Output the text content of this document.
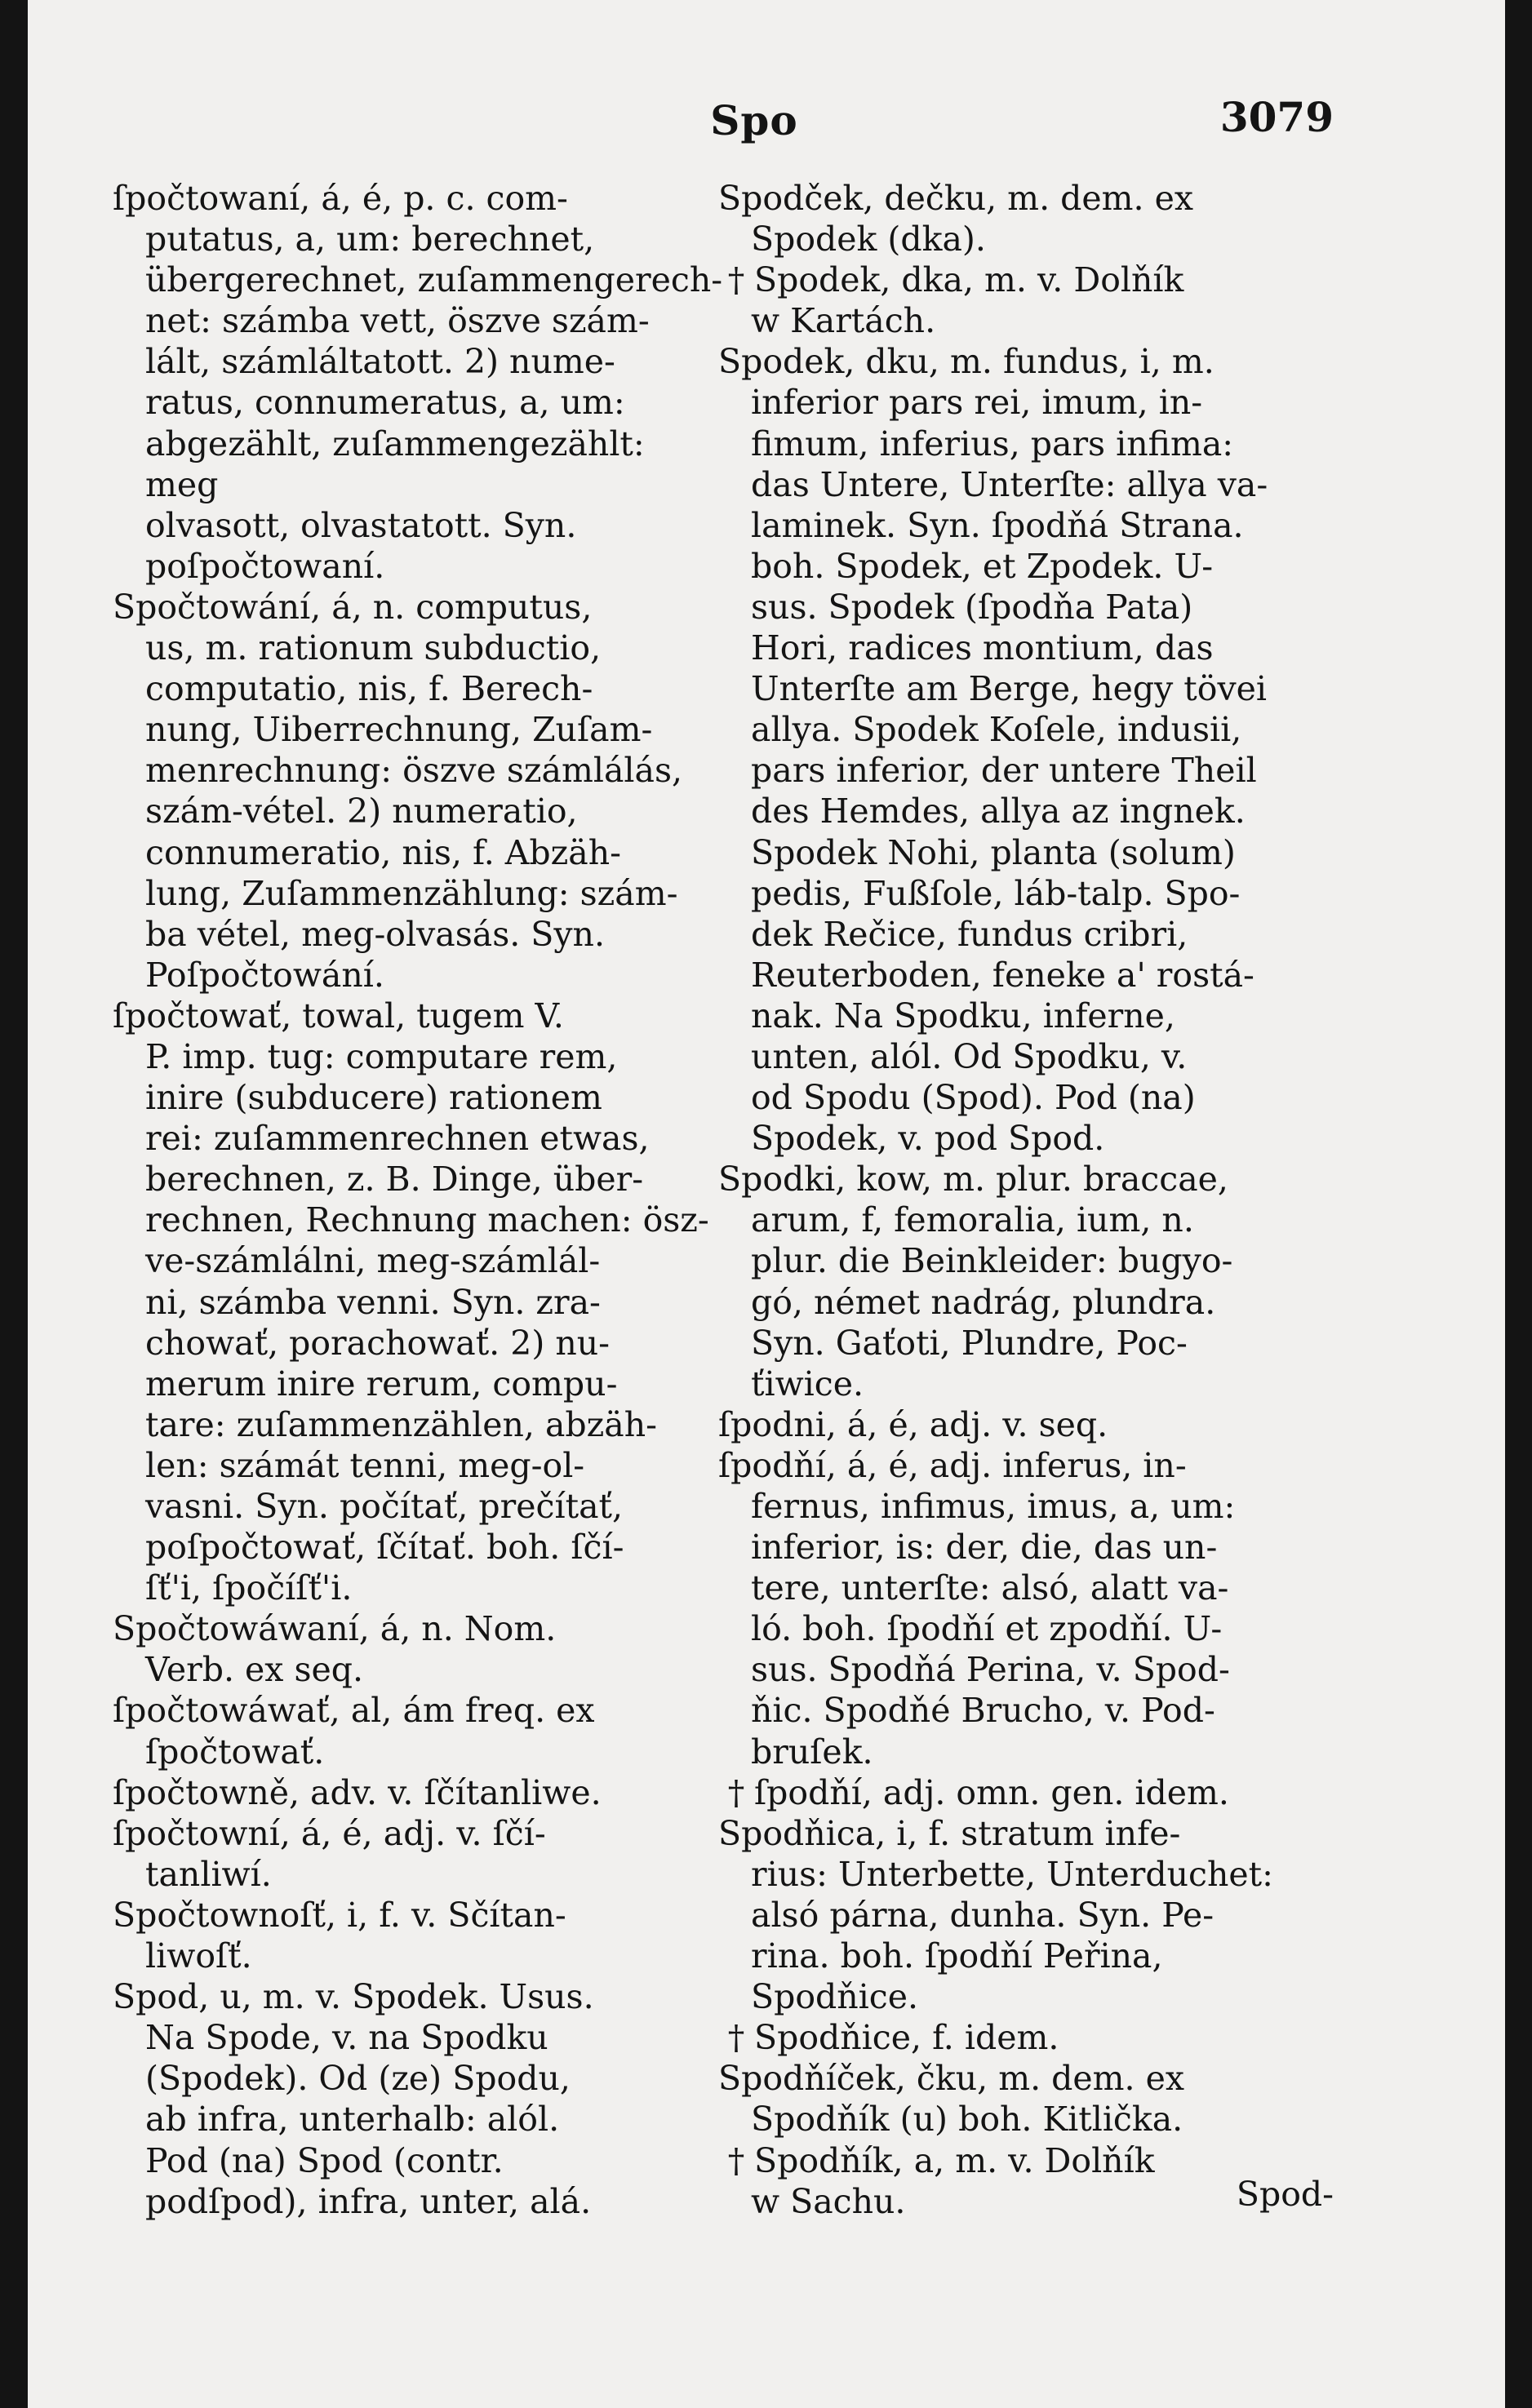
Spo	3079
ſpočtowaní, á, é, p. c. com-
putatus, a, um: berechnet,
übergerechnet, zuſammengerech-
net: számba vett, öszve szám-
lált, számláltatott. 2) nume-
ratus, connumeratus, a, um:
abgezählt, zuſammengezählt: meg
olvasott, olvastatott. Syn.
poſpočtowaní.
Spočtowání, á, n. computus,
us, m. rationum subductio,
computatio, nis, f. Berech-
nung, Uiberrechnung, Zuſam-
menrechnung: öszve számlálás,
szám-vétel. 2) numeratio,
connumeratio, nis, f. Abzäh-
lung, Zuſammenzählung: szám-
ba vétel, meg-olvasás. Syn.
Poſpočtowání.
ſpočtowať, towal, tugem V.
P. imp. tug: computare rem,
inire (subducere) rationem
rei: zuſammenrechnen etwas,
berechnen, z. B. Dinge, über-
rechnen, Rechnung machen: ösz-
ve-számlálni, meg-számlál-
ni, számba venni. Syn. zra-
chowať, porachowať. 2) nu-
merum inire rerum, compu-
tare: zuſammenzählen, abzäh-
len: számát tenni, meg-ol-
vasni. Syn. počítať, prečítať,
poſpočtowať, ſčítať. boh. ſčí-
ſť'i, ſpočíſť'i.
Spočtowáwaní, á, n. Nom.
Verb. ex seq.
ſpočtowáwať, al, ám freq. ex
ſpočtowať.
ſpočtowně, adv. v. ſčítanliwe.
ſpočtowní, á, é, adj. v. ſčí-
tanliwí.
Spočtownoſť, i, f. v. Sčítan-
liwoſť.
Spod, u, m. v. Spodek. Usus.
Na Spode, v. na Spodku
(Spodek). Od (ze) Spodu,
ab infra, unterhalb: alól.
Pod (na) Spod (contr.
podſpod), infra, unter, alá.
Spodček, dečku, m. dem. ex
Spodek (dka).
† Spodek, dka, m. v. Dolňík
w Kartách.
Spodek, dku, m. fundus, i, m.
inferior pars rei, imum, in-
fimum, inferius, pars infima:
das Untere, Unterſte: allya va-
laminek. Syn. ſpodňá Strana.
boh. Spodek, et Zpodek. U-
sus. Spodek (ſpodňa Pata)
Hori, radices montium, das
Unterſte am Berge, hegy tövei
allya. Spodek Koſele, indusii,
pars inferior, der untere Theil
des Hemdes, allya az ingnek.
Spodek Nohi, planta (solum)
pedis, Fußſole, láb-talp. Spo-
dek Rečice, fundus cribri,
Reuterboden, feneke a' rostá-
nak. Na Spodku, inferne,
unten, alól. Od Spodku, v.
od Spodu (Spod). Pod (na)
Spodek, v. pod Spod.
Spodki, kow, m. plur. braccae,
arum, f, femoralia, ium, n.
plur. die Beinkleider: bugyo-
gó, német nadrág, plundra.
Syn. Gaťoti, Plundre, Poc-
ťiwice.
ſpodni, á, é, adj. v. seq.
ſpodňí, á, é, adj. inferus, in-
fernus, infimus, imus, a, um:
inferior, is: der, die, das un-
tere, unterſte: alsó, alatt va-
ló. boh. ſpodňí et zpodňí. U-
sus. Spodňá Perina, v. Spod-
ňic. Spodňé Brucho, v. Pod-
bruſek.
† ſpodňí, adj. omn. gen. idem.
Spodňica, i, f. stratum infe-
rius: Unterbette, Unterduchet:
alsó párna, dunha. Syn. Pe-
rina. boh. ſpodňí Peřina,
Spodňice.
† Spodňice, f. idem.
Spodňíček, čku, m. dem. ex
Spodňík (u) boh. Kitlička.
† Spodňík, a, m. v. Dolňík
w Sachu.	Spod-
